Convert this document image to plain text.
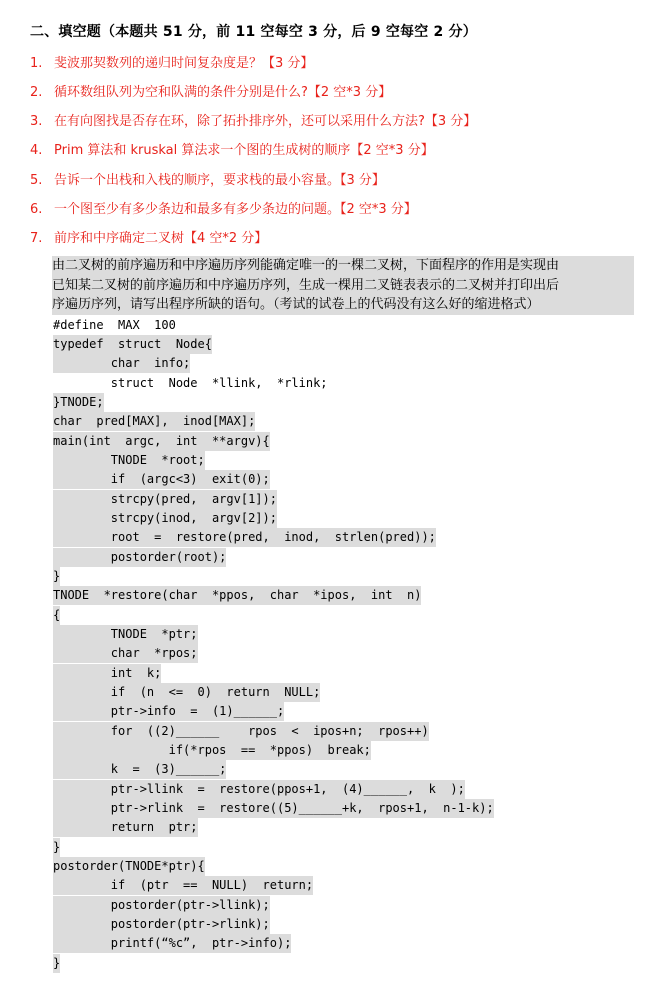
二、填空题（本题共 51 分，前 11 空每空 3 分，后 9 空每空 2 分）
1. 斐波那契数列的递归时间复杂度是？【3 分】
2. 循环数组队列为空和队满的条件分别是什么?【2 空*3 分】
3. 在有向图找是否存在环，除了拓扑排序外，还可以采用什么方法?【3 分】
4. Prim 算法和 kruskal 算法求一个图的生成树的顺序【2 空*3 分】
5. 告诉一个出栈和入栈的顺序，要求栈的最小容量。【3 分】
6. 一个图至少有多少条边和最多有多少条边的问题。【2 空*3 分】
7. 前序和中序确定二叉树【4 空*2 分】
由二叉树的前序遍历和中序遍历序列能确定唯一的一棵二叉树，下面程序的作用是实现由
已知某二叉树的前序遍历和中序遍历序列，生成一棵用二叉链表表示的二叉树并打印出后
序遍历序列，请写出程序所缺的语句。（考试的试卷上的代码没有这么好的缩进格式）
#define  MAX  100
typedef  struct  Node{
char  info;
struct  Node  *llink,  *rlink;
}TNODE;
char  pred[MAX],  inod[MAX];
main(int  argc,  int  **argv){
TNODE  *root;
if  (argc<3)  exit(0);
strcpy(pred,  argv[1]);
strcpy(inod,  argv[2]);
root  =  restore(pred,  inod,  strlen(pred));
postorder(root);
}
TNODE  *restore(char  *ppos,  char  *ipos,  int  n)
{
TNODE  *ptr;
char  *rpos;
int  k;
if  (n  <=  0)  return  NULL;
ptr->info  =  (1)______;
for  ((2)______    rpos  <  ipos+n;  rpos++)
if(*rpos  ==  *ppos)  break;
k  =  (3)______;
ptr->llink  =  restore(ppos+1,  (4)______,  k  );
ptr->rlink  =  restore((5)______+k,  rpos+1,  n-1-k);
return  ptr;
}
postorder(TNODE*ptr){
if  (ptr  ==  NULL)  return;
postorder(ptr->llink);
postorder(ptr->rlink);
printf(“%c”,  ptr->info);
}
